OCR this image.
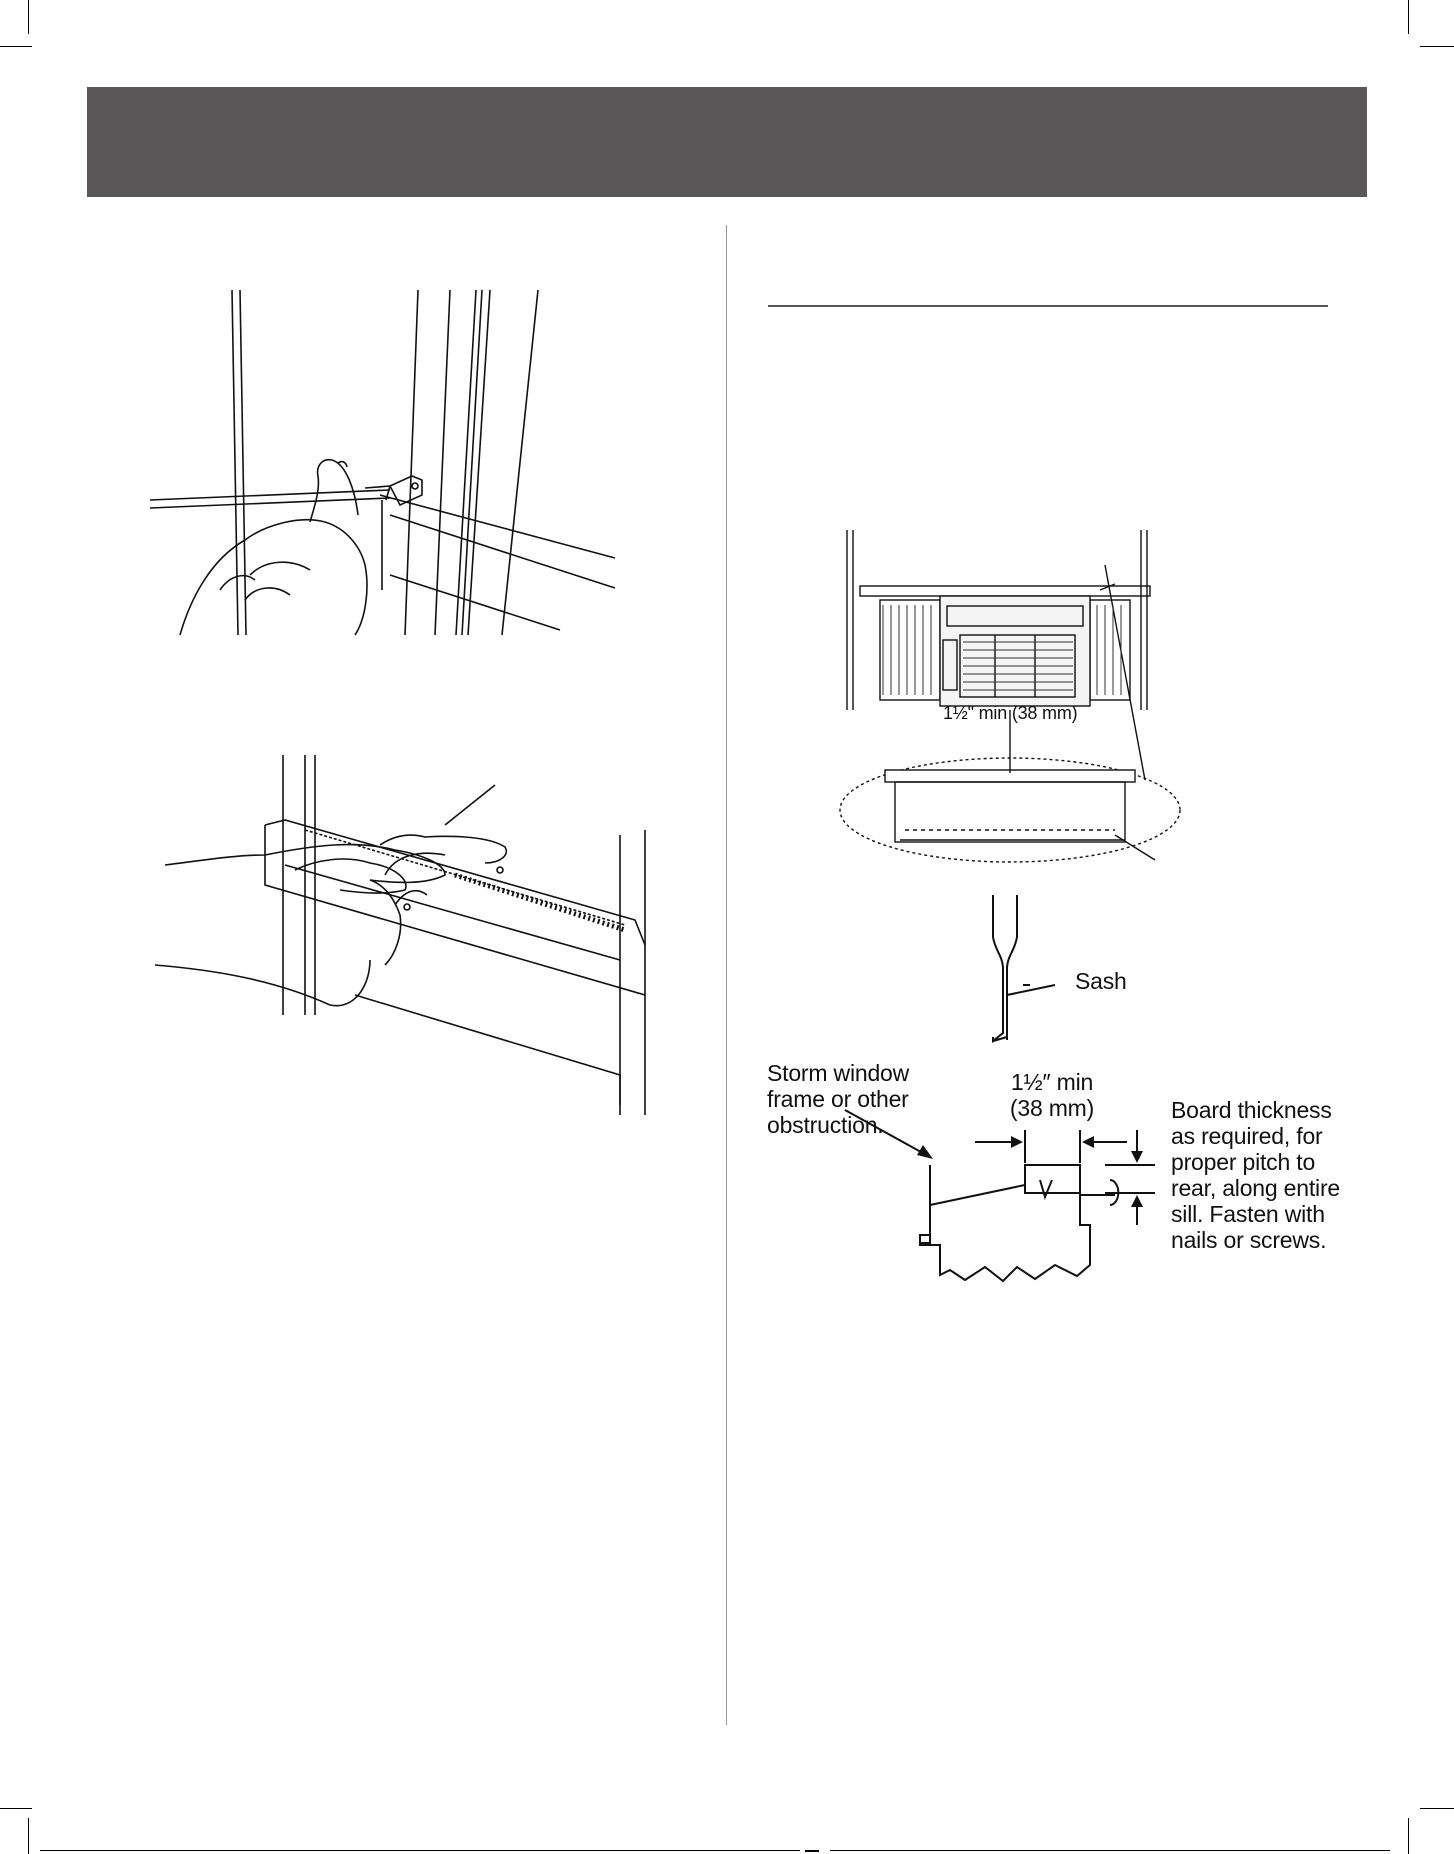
1½" min (38 mm)
Sash
Storm window
frame or other
obstruction.
1½″ min
(38 mm)	Board thickness
as required, for
proper pitch to
rear, along entire
sill. Fasten with
nails or screws.
